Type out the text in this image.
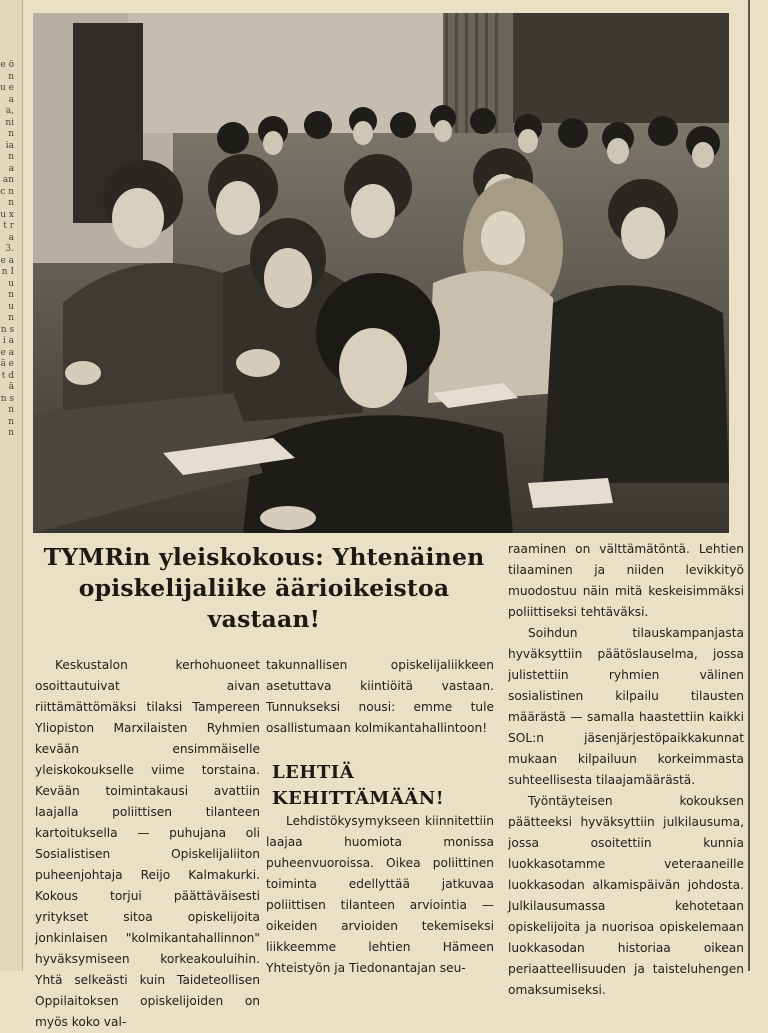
e ö n u e a a, ni n ia n a an c n n u x t r a 3. e a n I u n u n n s i a e a ä e t d ä n s n n n
TYMRin yleiskokous: Yhtenäinen opiskelijaliike äärioikeistoa vastaan!

Keskustalon kerhohuoneet osoittautuivat aivan riittämättömäksi tilaksi Tampereen Yliopiston Marxilaisten Ryhmien kevään ensimmäiselle yleiskokoukselle viime torstaina. Kevään toimintakausi avattiin laajalla poliittisen tilanteen kartoituksella — puhujana oli Sosialistisen Opiskelijaliiton puheenjohtaja Reijo Kalmakurki. Kokous torjui päättäväisesti yritykset sitoa opiskelijoita jonkinlaisen "kolmikantahallinnon" hyväksymiseen korkeakouluihin. Yhtä selkeästi kuin Taideteollisen Oppilaitoksen opiskelijoiden on myös koko val-

takunnallisen opiskelijaliikkeen asetuttava kiintiöitä vastaan. Tunnukseksi nousi: emme tule osallistumaan kolmikantahallintoon!

LEHTIÄ KEHITTÄMÄÄN!

Lehdistökysymykseen kiinnitettiin laajaa huomiota monissa puheenvuoroissa. Oikea poliittinen toiminta edellyttää jatkuvaa poliittisen tilanteen arviointia — oikeiden arvioiden tekemiseksi liikkeemme lehtien Hämeen Yhteistyön ja Tiedonantajan seu-

raaminen on välttämätöntä. Lehtien tilaaminen ja niiden levikkityö muodostuu näin mitä keskeisimmäksi poliittiseksi tehtäväksi.

Soihdun tilauskampanjasta hyväksyttiin päätöslauselma, jossa julistettiin ryhmien välinen sosialistinen kilpailu tilausten määrästä — samalla haastettiin kaikki SOL:n jäsenjärjestöpaikkakunnat mukaan kilpailuun korkeimmasta suhteellisesta tilaajamäärästä.

Työntäyteisen kokouksen päätteeksi hyväksyttiin julkilausuma, jossa osoitettiin kunnia luokkasotamme veteraaneille luokkasodan alkamispäivän johdosta. Julkilausumassa kehotetaan opiskelijoita ja nuorisoa opiskelemaan luokkasodan historiaa oikean periaatteellisuuden ja taisteluhengen omaksumiseksi.
